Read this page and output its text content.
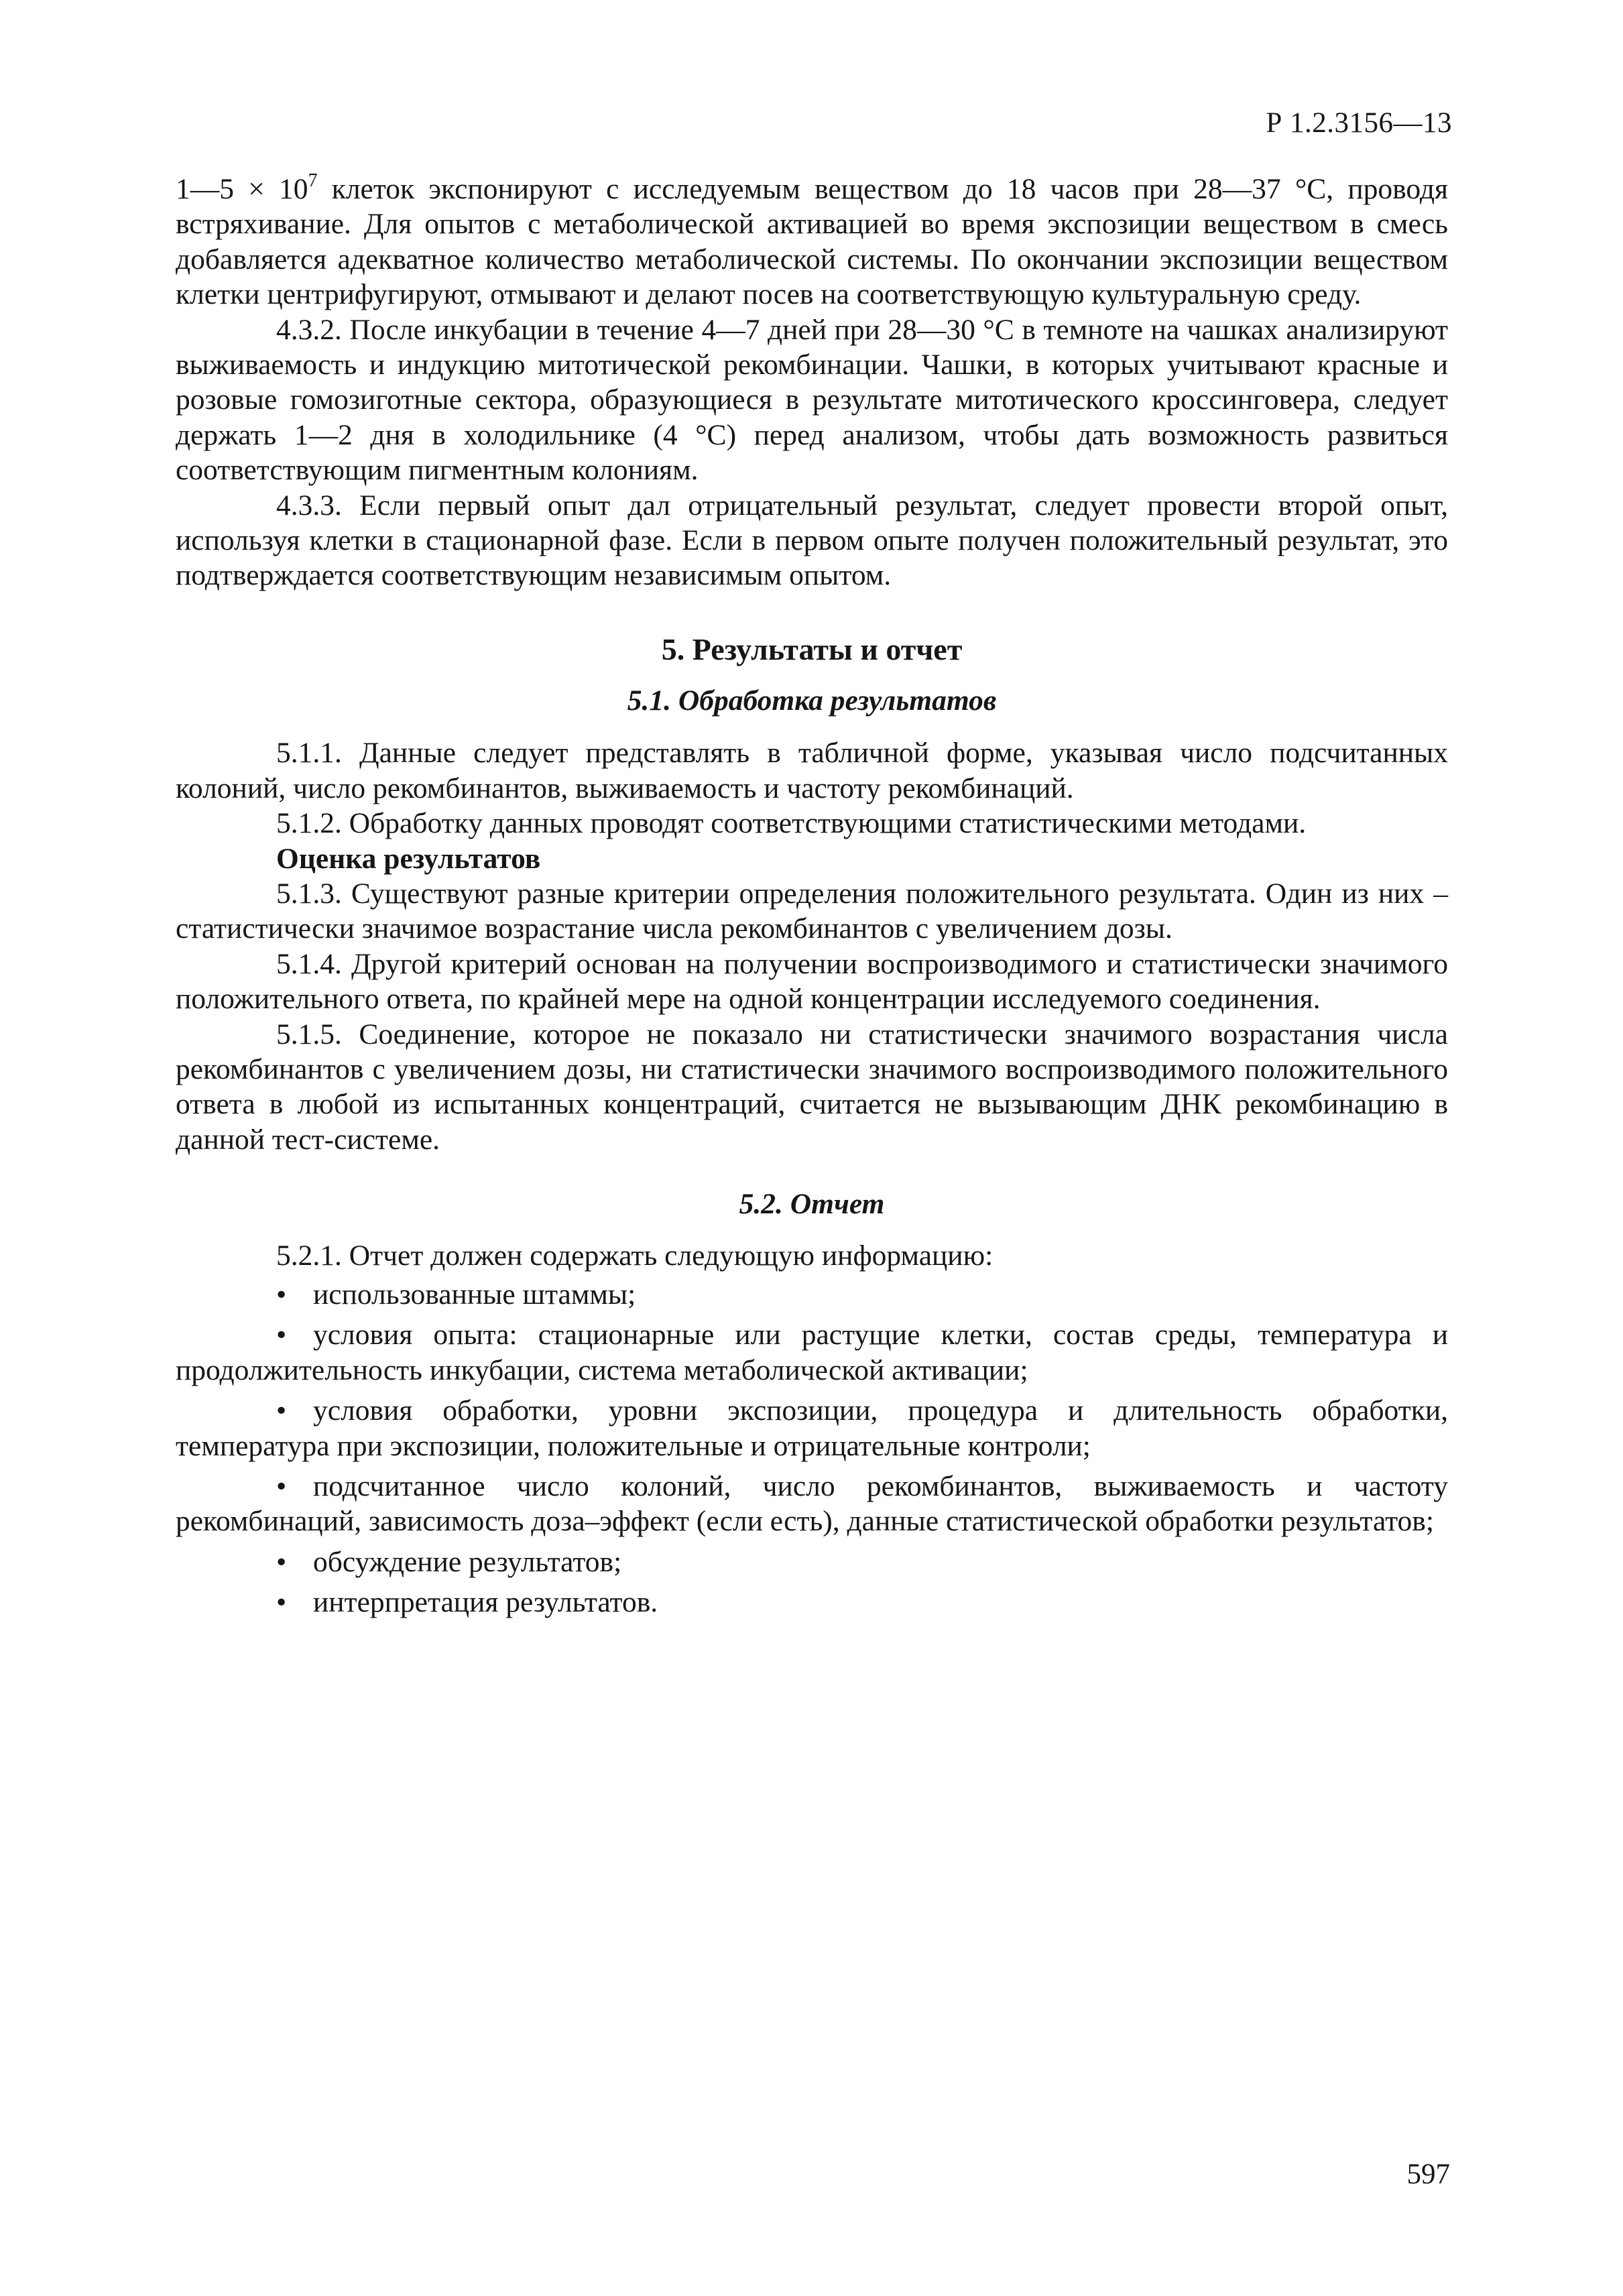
Р 1.2.3156—13

1—5 × $10^7$ клеток экспонируют с исследуемым веществом до 18 часов при 28—37 °С, проводя встряхивание. Для опытов с метаболической активацией во время экспозиции веществом в смесь добавляется адекватное количество метаболической системы. По окончании экспозиции веществом клетки центрифугируют, отмывают и делают посев на соответствующую культуральную среду.

4.3.2. После инкубации в течение 4—7 дней при 28—30 °С в темноте на чашках анализируют выживаемость и индукцию митотической рекомбинации. Чашки, в которых учитывают красные и розовые гомозиготные сектора, образующиеся в результате митотического кроссинговера, следует держать 1—2 дня в холодильнике (4 °С) перед анализом, чтобы дать возможность развиться соответствующим пигментным колониям.

4.3.3. Если первый опыт дал отрицательный результат, следует провести второй опыт, используя клетки в стационарной фазе. Если в первом опыте получен положительный результат, это подтверждается соответствующим независимым опытом.

5. Результаты и отчет
5.1. Обработка результатов

5.1.1. Данные следует представлять в табличной форме, указывая число подсчитанных колоний, число рекомбинантов, выживаемость и частоту рекомбинаций.

5.1.2. Обработку данных проводят соответствующими статистическими методами.

Оценка результатов

5.1.3. Существуют разные критерии определения положительного результата. Один из них – статистически значимое возрастание числа рекомбинантов с увеличением дозы.

5.1.4. Другой критерий основан на получении воспроизводимого и статистически значимого положительного ответа, по крайней мере на одной концентрации исследуемого соединения.

5.1.5. Соединение, которое не показало ни статистически значимого возрастания числа рекомбинантов с увеличением дозы, ни статистически значимого воспроизводимого положительного ответа в любой из испытанных концентраций, считается не вызывающим ДНК рекомбинацию в данной тест-системе.

5.2. Отчет

5.2.1. Отчет должен содержать следующую информацию:

• использованные штаммы;

• условия опыта: стационарные или растущие клетки, состав среды, температура и продолжительность инкубации, система метаболической активации;

• условия обработки, уровни экспозиции, процедура и длительность обработки, температура при экспозиции, положительные и отрицательные контроли;

• подсчитанное число колоний, число рекомбинантов, выживаемость и частоту рекомбинаций, зависимость доза–эффект (если есть), данные статистической обработки результатов;

• обсуждение результатов;

• интерпретация результатов.

597
